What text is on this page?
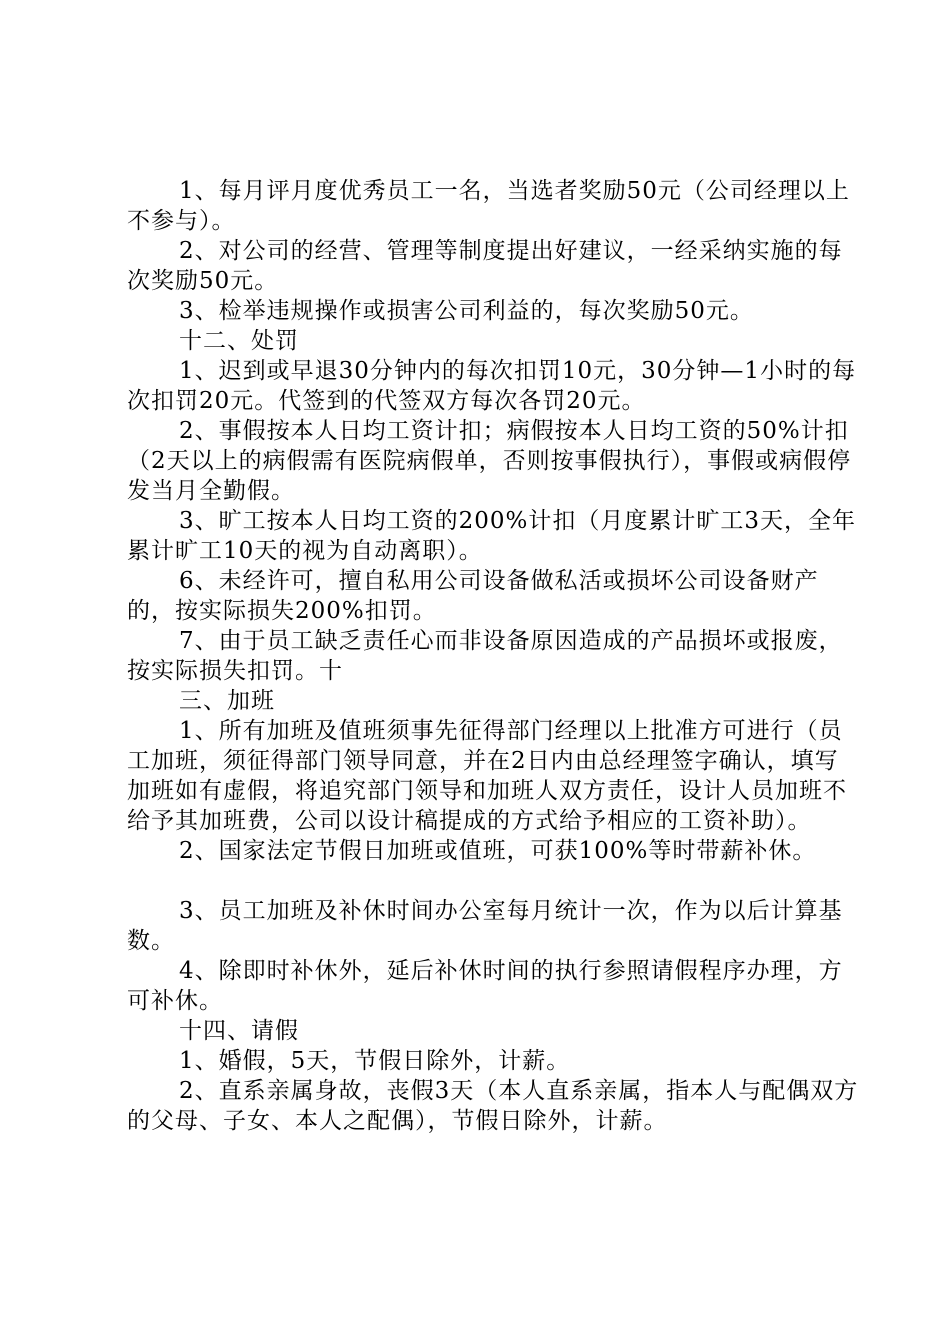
1、每月评月度优秀员工一名，当选者奖励50元（公司经理以上不参与）。

2、对公司的经营、管理等制度提出好建议，一经采纳实施的每次奖励50元。

3、检举违规操作或损害公司利益的，每次奖励50元。

十二、处罚

1、迟到或早退30分钟内的每次扣罚10元，30分钟—1小时的每次扣罚20元。代签到的代签双方每次各罚20元。

2、事假按本人日均工资计扣；病假按本人日均工资的50%计扣（2天以上的病假需有医院病假单，否则按事假执行），事假或病假停发当月全勤假。

3、旷工按本人日均工资的200%计扣（月度累计旷工3天，全年累计旷工10天的视为自动离职）。

6、未经许可，擅自私用公司设备做私活或损坏公司设备财产的，按实际损失200%扣罚。

7、由于员工缺乏责任心而非设备原因造成的产品损坏或报废，按实际损失扣罚。十

三、加班

1、所有加班及值班须事先征得部门经理以上批准方可进行（员工加班，须征得部门领导同意，并在2日内由总经理签字确认，填写加班如有虚假，将追究部门领导和加班人双方责任，设计人员加班不给予其加班费，公司以设计稿提成的方式给予相应的工资补助）。

2、国家法定节假日加班或值班，可获100%等时带薪补休。

3、员工加班及补休时间办公室每月统计一次，作为以后计算基数。

4、除即时补休外，延后补休时间的执行参照请假程序办理，方可补休。

十四、请假

1、婚假，5天，节假日除外，计薪。

2、直系亲属身故，丧假3天（本人直系亲属，指本人与配偶双方的父母、子女、本人之配偶），节假日除外，计薪。
